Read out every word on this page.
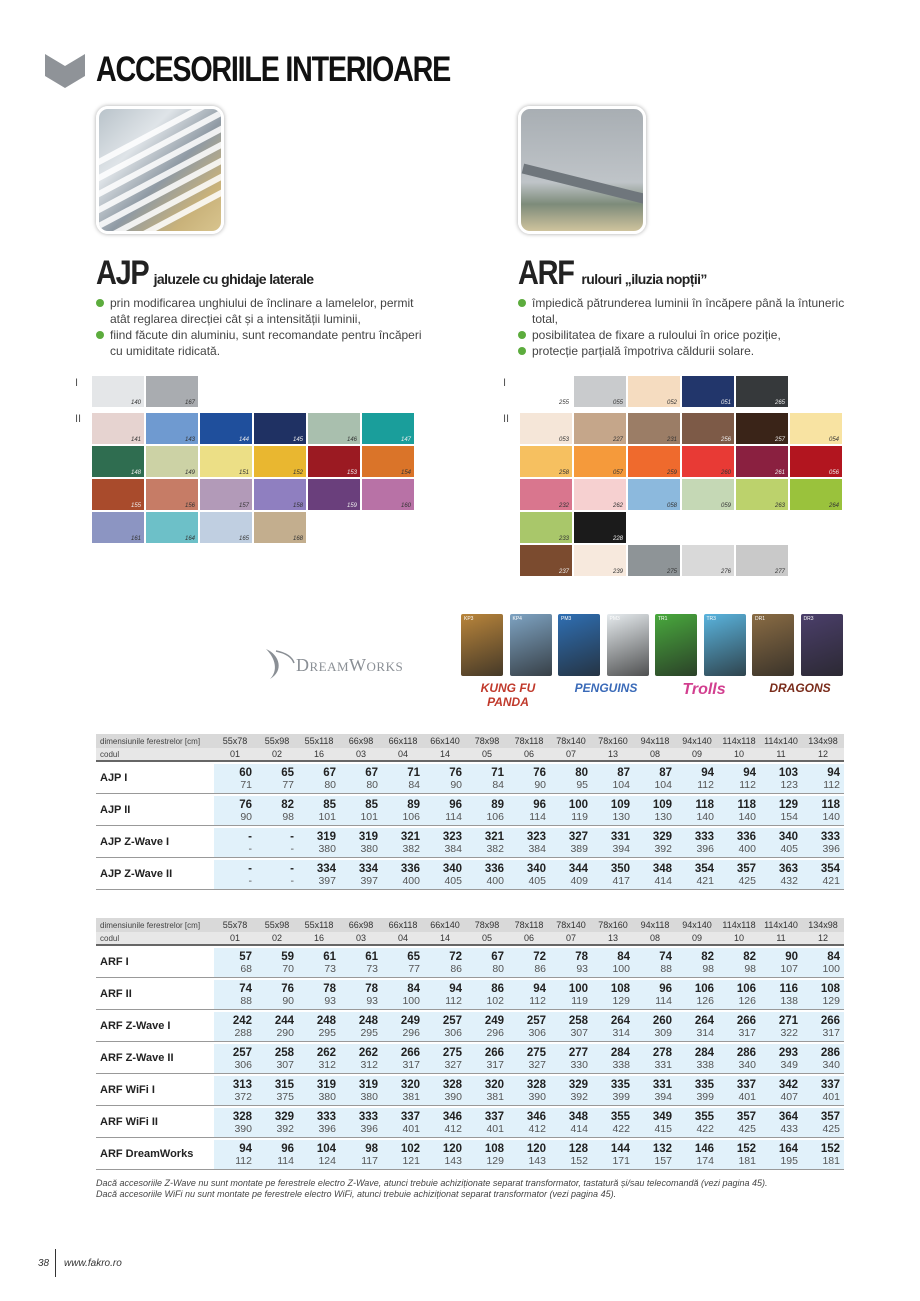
ACCESORIILE INTERIOARE
AJP jaluzele cu ghidaje laterale	ARF rulouri „iluzia nopții”
prin modificarea unghiului de înclinare a lamelelor, permit atât reglarea direcției cât și a intensității luminii,
fiind făcute din aluminiu, sunt recomandate pentru încăperi cu umiditate ridicată.
împiedică pătrunderea luminii în încăpere până la întuneric total,
posibilitatea de fixare a ruloului în orice poziție,
protecție parțială împotriva căldurii solare.
I
II
I
II
140	167
141	143	144	145	146	147
148	149	151	152	153	154
155	156	157	158	159	160
161	164	165	168
255	055	052	051	265
053	227	231	256	257	054
258	057	259	260	261	056
232	262	058	059	263	264
233	228
237	239	275	276	277
DreamWorks
KP3	KP4	PM3	PM3	TR1	TR3	DR1	DR3
KUNG FU PANDA
PENGUINS	Trolls	DRAGONS
dimensiunile ferestrelor [cm]	55x78	55x98	55x118	66x98	66x118	66x140	78x98	78x118	78x140	78x160	94x118	94x140	114x118	114x140	134x98
codul	01	02	16	03	04	14	05	06	07	13	08	09	10	11	12

AJP I	60	65	67	67	71	76	71	76	80	87	87	94	94	103	94
	71	77	80	80	84	90	84	90	95	104	104	112	112	123	112

AJP II	76	82	85	85	89	96	89	96	100	109	109	118	118	129	118
	90	98	101	101	106	114	106	114	119	130	130	140	140	154	140

AJP Z-Wave I	-	-	319	319	321	323	321	323	327	331	329	333	336	340	333
	-	-	380	380	382	384	382	384	389	394	392	396	400	405	396

AJP Z-Wave II	-	-	334	334	336	340	336	340	344	350	348	354	357	363	354
	-	-	397	397	400	405	400	405	409	417	414	421	425	432	421
dimensiunile ferestrelor [cm]	55x78	55x98	55x118	66x98	66x118	66x140	78x98	78x118	78x140	78x160	94x118	94x140	114x118	114x140	134x98
codul	01	02	16	03	04	14	05	06	07	13	08	09	10	11	12

ARF I	57	59	61	61	65	72	67	72	78	84	74	82	82	90	84
	68	70	73	73	77	86	80	86	93	100	88	98	98	107	100

ARF II	74	76	78	78	84	94	86	94	100	108	96	106	106	116	108
	88	90	93	93	100	112	102	112	119	129	114	126	126	138	129

ARF Z-Wave I	242	244	248	248	249	257	249	257	258	264	260	264	266	271	266
	288	290	295	295	296	306	296	306	307	314	309	314	317	322	317

ARF Z-Wave II	257	258	262	262	266	275	266	275	277	284	278	284	286	293	286
	306	307	312	312	317	327	317	327	330	338	331	338	340	349	340

ARF WiFi I	313	315	319	319	320	328	320	328	329	335	331	335	337	342	337
	372	375	380	380	381	390	381	390	392	399	394	399	401	407	401

ARF WiFi II	328	329	333	333	337	346	337	346	348	355	349	355	357	364	357
	390	392	396	396	401	412	401	412	414	422	415	422	425	433	425

ARF DreamWorks	94	96	104	98	102	120	108	120	128	144	132	146	152	164	152
	112	114	124	117	121	143	129	143	152	171	157	174	181	195	181
Dacă accesoriile Z-Wave nu sunt montate pe ferestrele electro Z-Wave, atunci trebuie achiziționate separat transformator, tastatură și/sau telecomandă (vezi pagina 45).
Dacă accesoriile WiFi nu sunt montate pe ferestrele electro WiFi, atunci trebuie achiziționat separat transformator (vezi pagina 45).
38 www.fakro.ro
